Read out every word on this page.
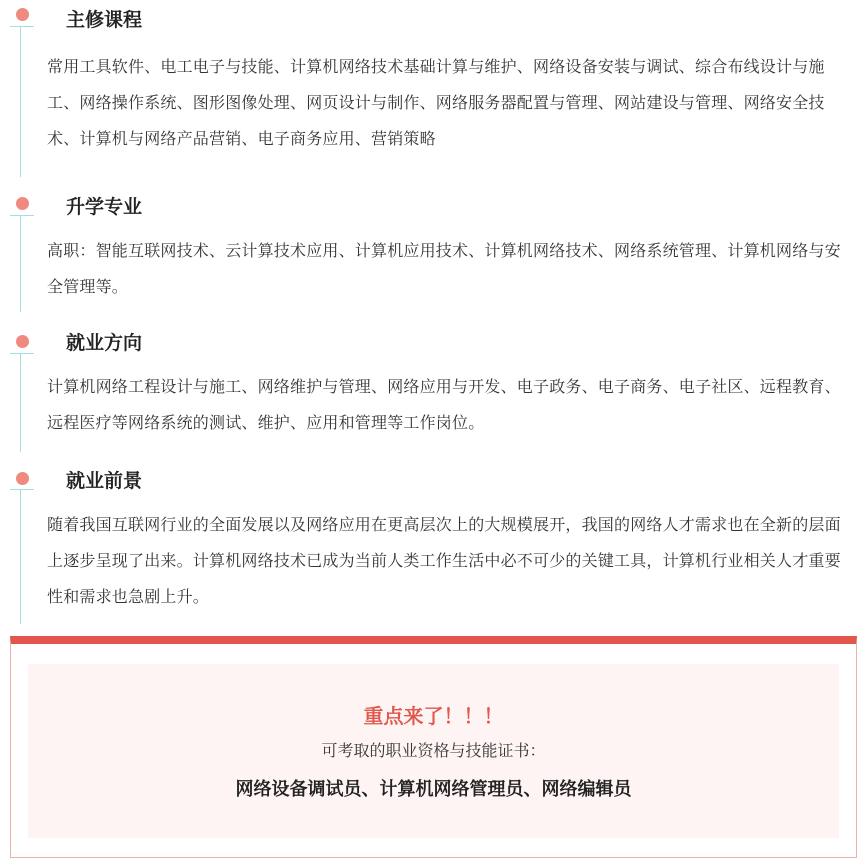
主修课程

常用工具软件、电工电子与技能、计算机网络技术基础计算与维护、网络设备安装与调试、综合布线设计与施工、网络操作系统、图形图像处理、网页设计与制作、网络服务器配置与管理、网站建设与管理、网络安全技术、计算机与网络产品营销、电子商务应用、营销策略

升学专业

高职：智能互联网技术、云计算技术应用、计算机应用技术、计算机网络技术、网络系统管理、计算机网络与安全管理等。

就业方向

计算机网络工程设计与施工、网络维护与管理、网络应用与开发、电子政务、电子商务、电子社区、远程教育、远程医疗等网络系统的测试、维护、应用和管理等工作岗位。

就业前景

随着我国互联网行业的全面发展以及网络应用在更高层次上的大规模展开，我国的网络人才需求也在全新的层面上逐步呈现了出来。计算机网络技术已成为当前人类工作生活中必不可少的关键工具，计算机行业相关人才重要性和需求也急剧上升。

重点来了！！！

可考取的职业资格与技能证书：

网络设备调试员、计算机网络管理员、网络编辑员
